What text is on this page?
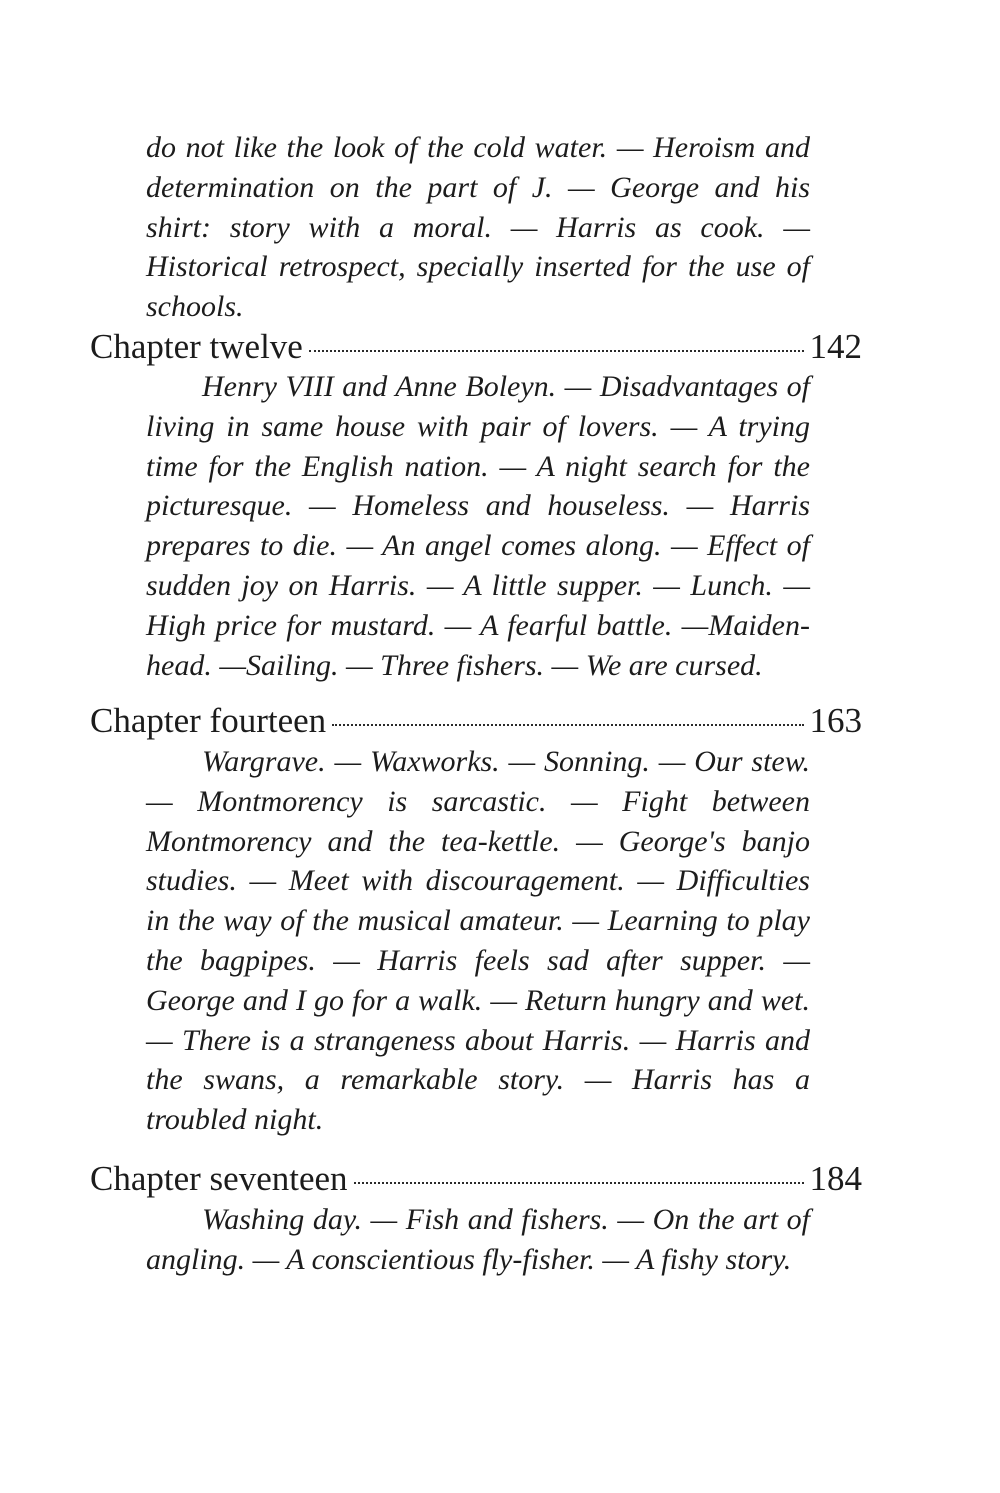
do not like the look of the cold water. — Heroism and determination on the part of J. — George and his shirt: story with a moral. — Harris as cook. — Historical retrospect, specially inserted for the use of schools.

Chapter twelve	142

Henry VIII and Anne Boleyn. — Disadvantages of living in same house with pair of lovers. — A trying time for the English nation. — A night search for the picturesque. — Homeless and houseless. — Harris prepares to die. — An angel comes along. — Effect of sudden joy on Harris. — A little supper. — Lunch. — High price for mustard. — A fearful battle. —Maiden-head. —Sailing. — Three fishers. — We are cursed.

Chapter fourteen	163

Wargrave. — Waxworks. — Sonning. — Our stew. — Montmorency is sarcastic. — Fight between Montmorency and the tea-kettle. — George's banjo studies. — Meet with discouragement. — Difficulties in the way of the musical amateur. — Learning to play the bagpipes. — Harris feels sad after supper. — George and I go for a walk. — Return hungry and wet. — There is a strangeness about Harris. — Harris and the swans, a remarkable story. — Harris has a troubled night.

Chapter seventeen	184

Washing day. — Fish and fishers. — On the art of angling. — A conscientious fly-fisher. — A fishy story.
